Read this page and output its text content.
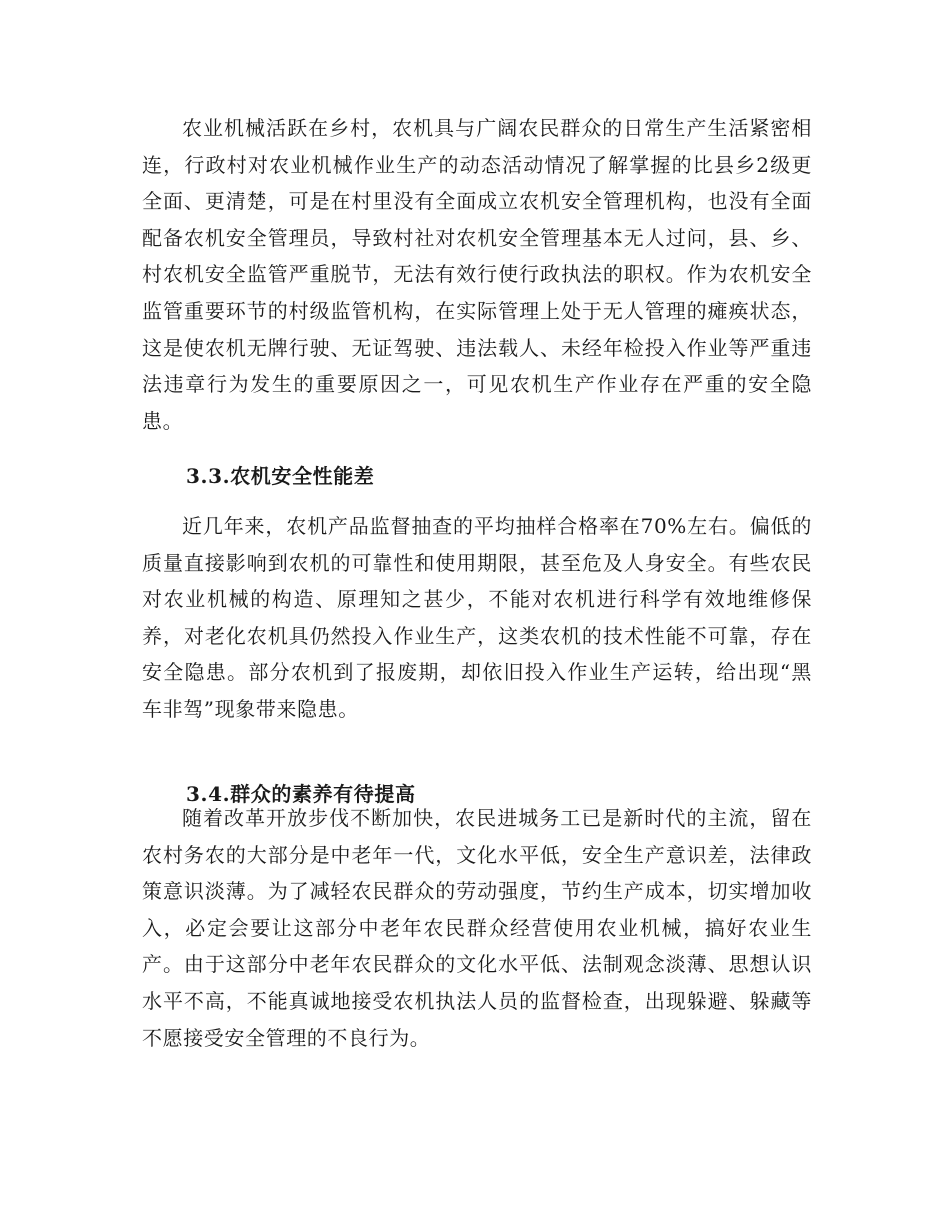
农业机械活跃在乡村，农机具与广阔农民群众的日常生产生活紧密相连，行政村对农业机械作业生产的动态活动情况了解掌握的比县乡2级更全面、更清楚，可是在村里没有全面成立农机安全管理机构，也没有全面配备农机安全管理员，导致村社对农机安全管理基本无人过问，县、乡、村农机安全监管严重脱节，无法有效行使行政执法的职权。作为农机安全监管重要环节的村级监管机构，在实际管理上处于无人管理的瘫痪状态，这是使农机无牌行驶、无证驾驶、违法载人、未经年检投入作业等严重违法违章行为发生的重要原因之一，可见农机生产作业存在严重的安全隐患。

3.3.农机安全性能差

近几年来，农机产品监督抽查的平均抽样合格率在70%左右。偏低的质量直接影响到农机的可靠性和使用期限，甚至危及人身安全。有些农民对农业机械的构造、原理知之甚少，不能对农机进行科学有效地维修保养，对老化农机具仍然投入作业生产，这类农机的技术性能不可靠，存在安全隐患。部分农机到了报废期，却依旧投入作业生产运转，给出现“黑车非驾”现象带来隐患。

3.4.群众的素养有待提高

随着改革开放步伐不断加快，农民进城务工已是新时代的主流，留在农村务农的大部分是中老年一代，文化水平低，安全生产意识差，法律政策意识淡薄。为了减轻农民群众的劳动强度，节约生产成本，切实增加收入，必定会要让这部分中老年农民群众经营使用农业机械，搞好农业生产。由于这部分中老年农民群众的文化水平低、法制观念淡薄、思想认识水平不高，不能真诚地接受农机执法人员的监督检查，出现躲避、躲藏等不愿接受安全管理的不良行为。
